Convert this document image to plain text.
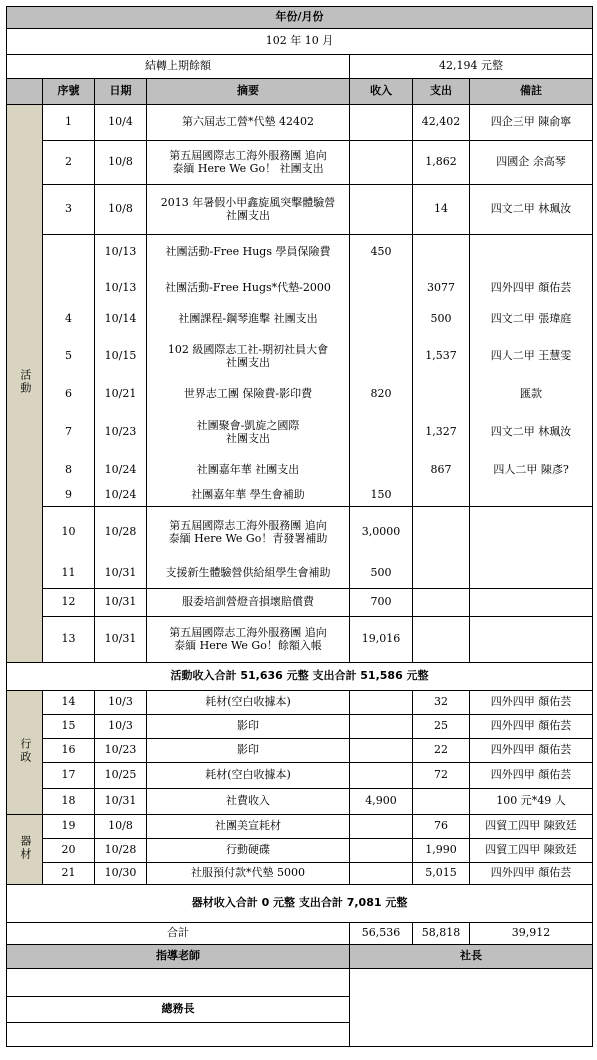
年份/月份						
102 年 10 月						
結轉上期餘額				42,194 元整		
	序號	日期	摘要	收入	支出	備註
活動	1	10/4	第六屆志工營*代墊 42402		42,402	四企三甲 陳俞寧
	2	10/8	第五屆國際志工海外服務團 追向
泰緬 Here We Go！ 社團支出		1,862	四國企 余高琴
	3	10/8	2013 年暑假小甲鑫旋風突擊體驗營
社團支出		14	四文二甲 林珮汝
		10/13	社團活動-Free Hugs 學員保險費	450		
		10/13	社團活動-Free Hugs*代墊-2000		3077	四外四甲 顏佑芸
	4	10/14	社團課程-鋼琴進擊 社團支出		500	四文二甲 張瑋庭
	5	10/15	102 級國際志工社-期初社員大會
社團支出		1,537	四人二甲 王慧雯
	6	10/21	世界志工團 保險費-影印費	820		匯款
	7	10/23	社團聚會-凱旋之國際
社團支出		1,327	四文二甲 林珮汝
	8	10/24	社團嘉年華 社團支出		867	四人二甲 陳彥?
	9	10/24	社團嘉年華 學生會補助	150		
	10	10/28	第五屆國際志工海外服務團 追向
泰緬 Here We Go！青發署補助	3,0000		
	11	10/31	支援新生體驗營供給組學生會補助	500		
	12	10/31	服委培訓營燈音損壞賠償費	700		
	13	10/31	第五屆國際志工海外服務團 追向
泰緬 Here We Go！餘額入帳	19,016		
活動收入合計 51,636 元整 支出合計 51,586 元整						
行政	14	10/3	耗材(空白收據本)		32	四外四甲 顏佑芸
	15	10/3	影印		25	四外四甲 顏佑芸
	16	10/23	影印		22	四外四甲 顏佑芸
	17	10/25	耗材(空白收據本)		72	四外四甲 顏佑芸
	18	10/31	社費收入	4,900		100 元*49 人
器材	19	10/8	社團美宣耗材		76	四貿工四甲 陳致廷
	20	10/28	行動硬碟		1,990	四貿工四甲 陳致廷
	21	10/30	社服預付款*代墊 5000		5,015	四外四甲 顏佑芸
器材收入合計 0 元整 支出合計 7,081 元整						
合計				56,536	58,818	39,912
指導老師				社長		

總務長						
